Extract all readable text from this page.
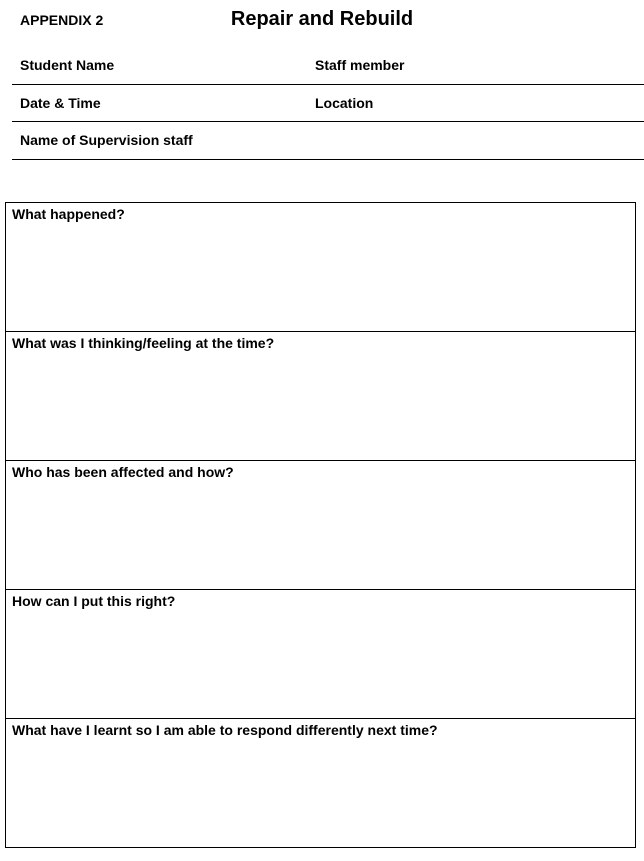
APPENDIX 2	Repair and Rebuild
Student Name	Staff member
Date & Time	Location
Name of Supervision staff
What happened?
What was I thinking/feeling at the time?
Who has been affected and how?
How can I put this right?
What have I learnt so I am able to respond differently next time?
